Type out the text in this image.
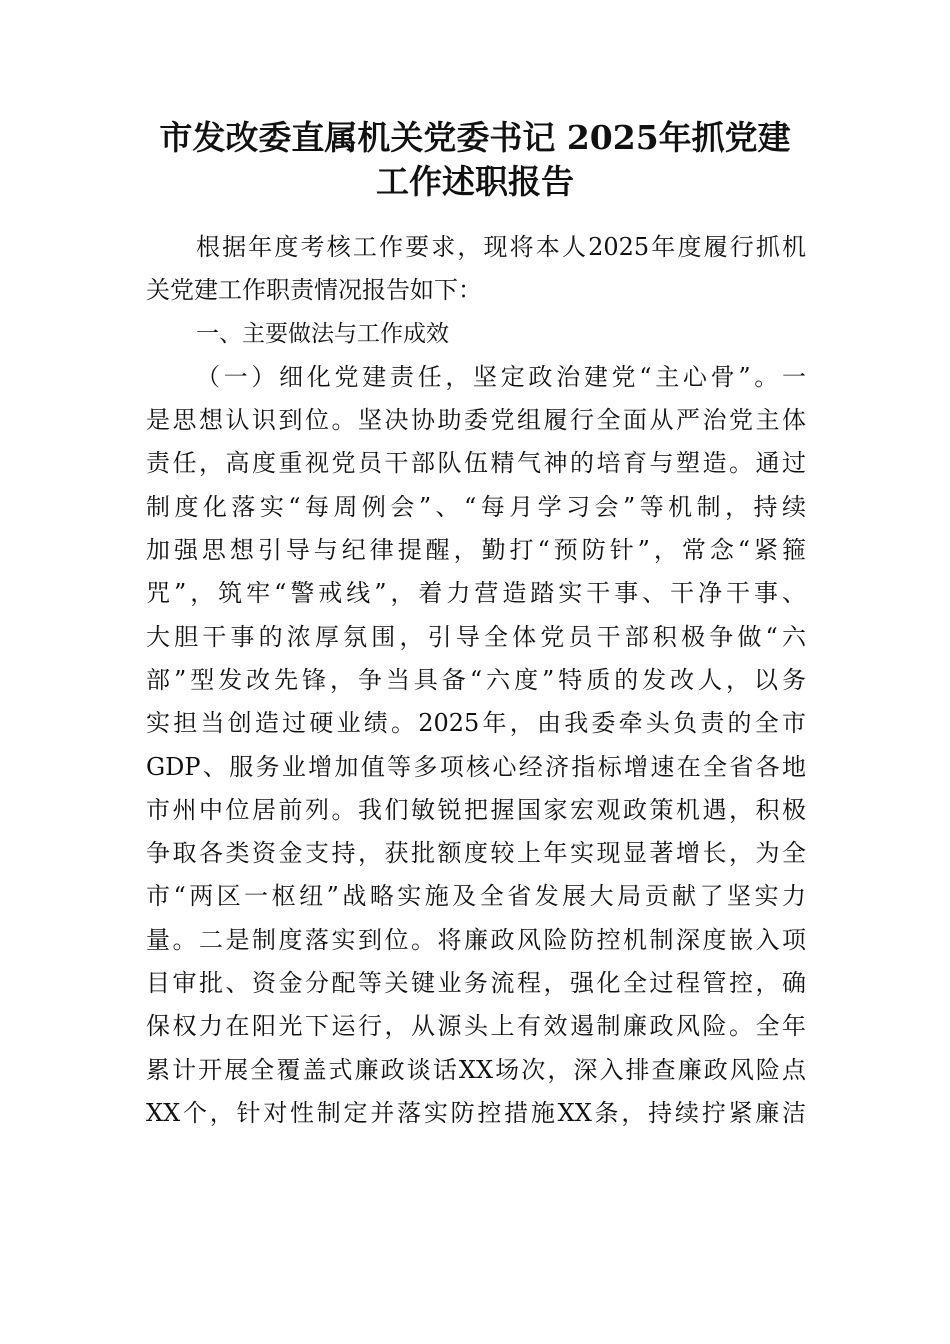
市发改委直属机关党委书记 2025年抓党建
工作述职报告
根据年度考核工作要求，现将本人2025年度履行抓机
关党建工作职责情况报告如下：
一、主要做法与工作成效
（一）细化党建责任，坚定政治建党“主心骨”。一
是思想认识到位。坚决协助委党组履行全面从严治党主体
责任，高度重视党员干部队伍精气神的培育与塑造。通过
制度化落实“每周例会”、“每月学习会”等机制，持续
加强思想引导与纪律提醒，勤打“预防针”，常念“紧箍
咒”，筑牢“警戒线”，着力营造踏实干事、干净干事、
大胆干事的浓厚氛围，引导全体党员干部积极争做“六
部”型发改先锋，争当具备“六度”特质的发改人，以务
实担当创造过硬业绩。2025年，由我委牵头负责的全市
GDP、服务业增加值等多项核心经济指标增速在全省各地
市州中位居前列。我们敏锐把握国家宏观政策机遇，积极
争取各类资金支持，获批额度较上年实现显著增长，为全
市“两区一枢纽”战略实施及全省发展大局贡献了坚实力
量。二是制度落实到位。将廉政风险防控机制深度嵌入项
目审批、资金分配等关键业务流程，强化全过程管控，确
保权力在阳光下运行，从源头上有效遏制廉政风险。全年
累计开展全覆盖式廉政谈话XX场次，深入排查廉政风险点
XX个，针对性制定并落实防控措施XX条，持续拧紧廉洁
